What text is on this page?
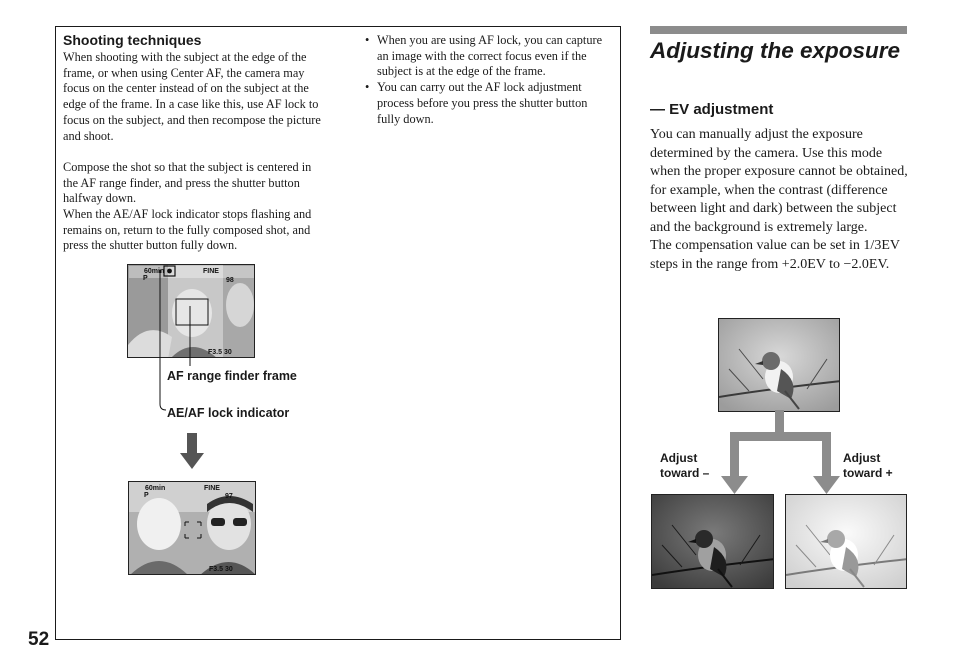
52
Shooting techniques

When shooting with the subject at the edge of the frame, or when using Center AF, the camera may focus on the center instead of on the subject at the edge of the frame. In a case like this, use AF lock to focus on the subject, and then recompose the picture and shoot.

Compose the shot so that the subject is centered in the AF range finder, and press the shutter button halfway down.

When the AE/AF lock indicator stops flashing and remains on, return to the fully composed shot, and press the shutter button fully down.

• When you are using AF lock, you can capture an image with the correct focus even if the subject is at the edge of the frame.
• You can carry out the AF lock adjustment process before you press the shutter button fully down.
60min
P
FINE
98
F3.5 30
AF range finder frame
AE/AF lock indicator
60min
P
FINE
97
F3.5 30
Adjusting the exposure
— EV adjustment

You can manually adjust the exposure determined by the camera. Use this mode when the proper exposure cannot be obtained, for example, when the contrast (difference between light and dark) between the subject and the background is extremely large.

The compensation value can be set in 1/3EV steps in the range from +2.0EV to −2.0EV.

Adjust
toward –
Adjust
toward +
